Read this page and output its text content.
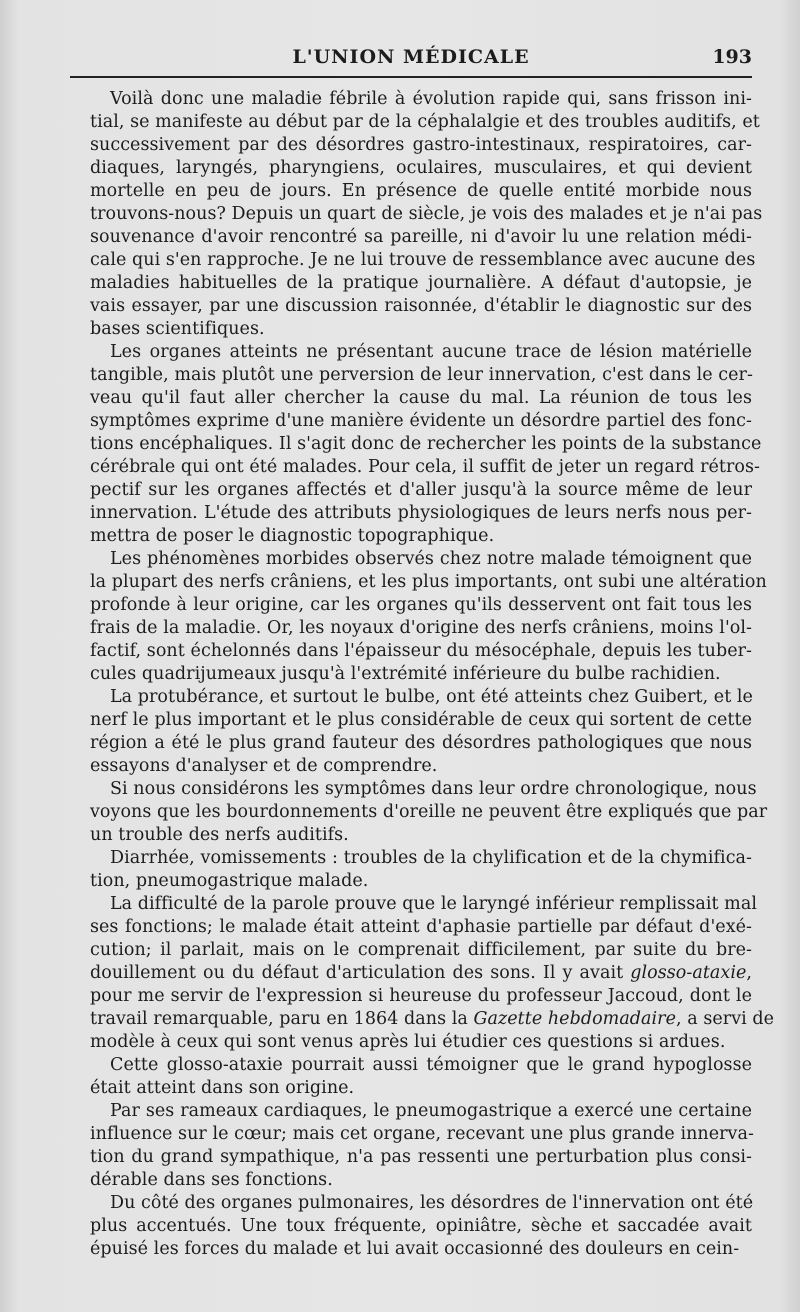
L'UNION MÉDICALE	193
Voilà donc une maladie fébrile à évolution rapide qui, sans frisson ini-
tial, se manifeste au début par de la céphalalgie et des troubles auditifs, et
successivement par des désordres gastro-intestinaux, respiratoires, car-
diaques, laryngés, pharyngiens, oculaires, musculaires, et qui devient
mortelle en peu de jours. En présence de quelle entité morbide nous
trouvons-nous? Depuis un quart de siècle, je vois des malades et je n'ai pas
souvenance d'avoir rencontré sa pareille, ni d'avoir lu une relation médi-
cale qui s'en rapproche. Je ne lui trouve de ressemblance avec aucune des
maladies habituelles de la pratique journalière. A défaut d'autopsie, je
vais essayer, par une discussion raisonnée, d'établir le diagnostic sur des
bases scientifiques.
Les organes atteints ne présentant aucune trace de lésion matérielle
tangible, mais plutôt une perversion de leur innervation, c'est dans le cer-
veau qu'il faut aller chercher la cause du mal. La réunion de tous les
symptômes exprime d'une manière évidente un désordre partiel des fonc-
tions encéphaliques. Il s'agit donc de rechercher les points de la substance
cérébrale qui ont été malades. Pour cela, il suffit de jeter un regard rétros-
pectif sur les organes affectés et d'aller jusqu'à la source même de leur
innervation. L'étude des attributs physiologiques de leurs nerfs nous per-
mettra de poser le diagnostic topographique.
Les phénomènes morbides observés chez notre malade témoignent que
la plupart des nerfs crâniens, et les plus importants, ont subi une altération
profonde à leur origine, car les organes qu'ils desservent ont fait tous les
frais de la maladie. Or, les noyaux d'origine des nerfs crâniens, moins l'ol-
factif, sont échelonnés dans l'épaisseur du mésocéphale, depuis les tuber-
cules quadrijumeaux jusqu'à l'extrémité inférieure du bulbe rachidien.
La protubérance, et surtout le bulbe, ont été atteints chez Guibert, et le
nerf le plus important et le plus considérable de ceux qui sortent de cette
région a été le plus grand fauteur des désordres pathologiques que nous
essayons d'analyser et de comprendre.
Si nous considérons les symptômes dans leur ordre chronologique, nous
voyons que les bourdonnements d'oreille ne peuvent être expliqués que par
un trouble des nerfs auditifs.
Diarrhée, vomissements : troubles de la chylification et de la chymifica-
tion, pneumogastrique malade.
La difficulté de la parole prouve que le laryngé inférieur remplissait mal
ses fonctions; le malade était atteint d'aphasie partielle par défaut d'exé-
cution; il parlait, mais on le comprenait difficilement, par suite du bre-
douillement ou du défaut d'articulation des sons. Il y avait glosso-ataxie,
pour me servir de l'expression si heureuse du professeur Jaccoud, dont le
travail remarquable, paru en 1864 dans la Gazette hebdomadaire, a servi de
modèle à ceux qui sont venus après lui étudier ces questions si ardues.
Cette glosso-ataxie pourrait aussi témoigner que le grand hypoglosse
était atteint dans son origine.
Par ses rameaux cardiaques, le pneumogastrique a exercé une certaine
influence sur le cœur; mais cet organe, recevant une plus grande innerva-
tion du grand sympathique, n'a pas ressenti une perturbation plus consi-
dérable dans ses fonctions.
Du côté des organes pulmonaires, les désordres de l'innervation ont été
plus accentués. Une toux fréquente, opiniâtre, sèche et saccadée avait
épuisé les forces du malade et lui avait occasionné des douleurs en cein-
